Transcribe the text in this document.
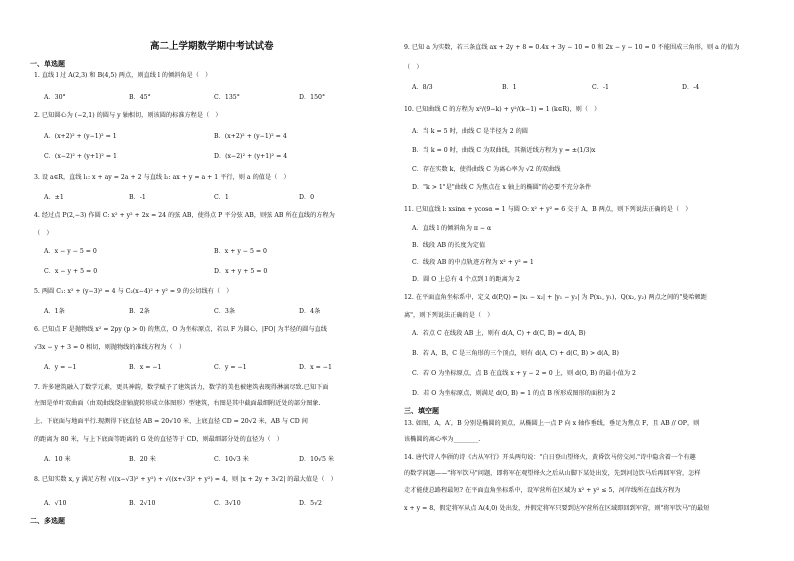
高二上学期数学期中考试试卷
一、单选题
1. 直线 l 过 A(2,3) 和 B(4,5) 两点，则直线 l 的倾斜角是（　）
A．30°	B．45°	C．135°	D．150°
2. 已知圆心为 (−2,1) 的圆与 y 轴相切，则该圆的标准方程是（　）
A．(x+2)² + (y−1)² = 1	B．(x+2)² + (y−1)² = 4
C．(x−2)² + (y+1)² = 1	D．(x−2)² + (y+1)² = 4
3. 设 a∈R，直线 l₁: x + ay = 2a + 2 与直线 l₂: ax + y = a + 1 平行，则 a 的值是（　）
A．±1	B．-1	C．1	D．0
4. 经过点 P(2,−3) 作圆 C: x² + y² + 2x = 24 的弦 AB，使得点 P 平分弦 AB，则弦 AB 所在直线的方程为
（　）
A．x − y − 5 = 0	B．x + y − 5 = 0
C．x − y + 5 = 0	D．x + y + 5 = 0
5. 两圆 C₁: x² + (y−3)² = 4 与 C₂(x−4)² + y² = 9 的公切线有（　）
A．1条	B．2条	C．3条	D．4条
6. 已知点 F 是抛物线 x² = 2py (p > 0) 的焦点，O 为坐标原点，若以 F 为圆心，|FO| 为半径的圆与直线
√3x − y + 3 = 0 相切，则抛物线的准线方程为（　）
A．y = −1	B．x = −1	C．y = −1	D．x = −1
7. 许多建筑融入了数学元素，更具神韵，数学赋予了建筑活力，数学的美也被建筑表现得淋漓尽致.已知下面
左图是单叶双曲面（由双曲线绕虚轴旋转形成立体图形）型建筑，右图是其中截面最细附近处的部分图象.
上、下底面与地面平行.现测得下底直径 AB = 20√10 米，上底直径 CD = 20√2 米，AB 与 CD 间
的距离为 80 米，与上下底面等距离的 G 处的直径等于 CD，则最细部分处的直径为（　）
A．10 米	B．20 米	C．10√3 米	D．10√5 米
8. 已知实数 x, y 满足方程 √((x−√3)² + y²) + √((x+√3)² + y²) = 4，则 |x + 2y + 3√2| 的最大值是（　）
A．√10	B．2√10	C．3√10	D．5√2
二、多选题
9. 已知 a 为实数，若三条直线 ax + 2y + 8 = 0.4x + 3y − 10 = 0 和 2x − y − 10 = 0 不能围成三角形，则 a 的值为
（　）
A．8/3	B．1	C．-1	D．-4
10. 已知曲线 C 的方程为 x²/(9−k) + y²/(k−1) = 1 (k∈R)，则（　）
A．当 k = 5 时，曲线 C 是半径为 2 的圆
B．当 k = 0 时，曲线 C 为双曲线，其渐近线方程为 y = ±(1/3)x
C．存在实数 k，使得曲线 C 为离心率为 √2 的双曲线
D．"k > 1"是"曲线 C 为焦点在 x 轴上的椭圆"的必要不充分条件
11. 已知直线 l: xsinα + ycosα = 1 与圆 O: x² + y² = 6 交于 A，B 两点，则下列说法正确的是（　）
A．直线 l 的倾斜角为 π − α
B．线段 AB 的长度为定值
C．线段 AB 的中点轨迹方程为 x² + y² = 1
D．圆 O 上总有 4 个点到 l 的距离为 2
12. 在平面直角坐标系中，定义 d(P,Q) = |x₁ − x₂| + |y₁ − y₂| 为 P(x₁, y₁)，Q(x₂, y₂) 两点之间的"曼哈顿距
离"，则下列说法正确的是（　）
A．若点 C 在线段 AB 上，则有 d(A, C) + d(C, B) = d(A, B)
B．若 A，B，C 是三角形的三个顶点，则有 d(A, C) + d(C, B) > d(A, B)
C．若 O 为坐标原点，点 B 在直线 x + y − 2 = 0 上，则 d(O, B) 的最小值为 2
D．若 O 为坐标原点，则满足 d(O, B) = 1 的点 B 所形成图形的面积为 2
三、填空题
13. 如图，A，A′，B 分别是椭圆的顶点，从椭圆上一点 P 向 x 轴作垂线，垂足为焦点 F，且 AB // OP，则
该椭圆的离心率为________.
14. 唐代诗人李颀的诗《古从军行》开头两句说："白日登山望烽火，黄昏饮马傍交河."诗中隐含着一个有趣
的数学问题——"将军饮马"问题，即将军在观望烽火之后从山脚下某处出发，先到河边饮马后再回军营，怎样
走才能使总路程最短? 在平面直角坐标系中，设军营所在区域为 x² + y² ≤ 5，河岸线所在直线方程为
x + y = 8，假定将军从点 A(4,0) 处出发，并假定将军只要到达军营所在区域即回到军营，则"将军饮马"的最短
